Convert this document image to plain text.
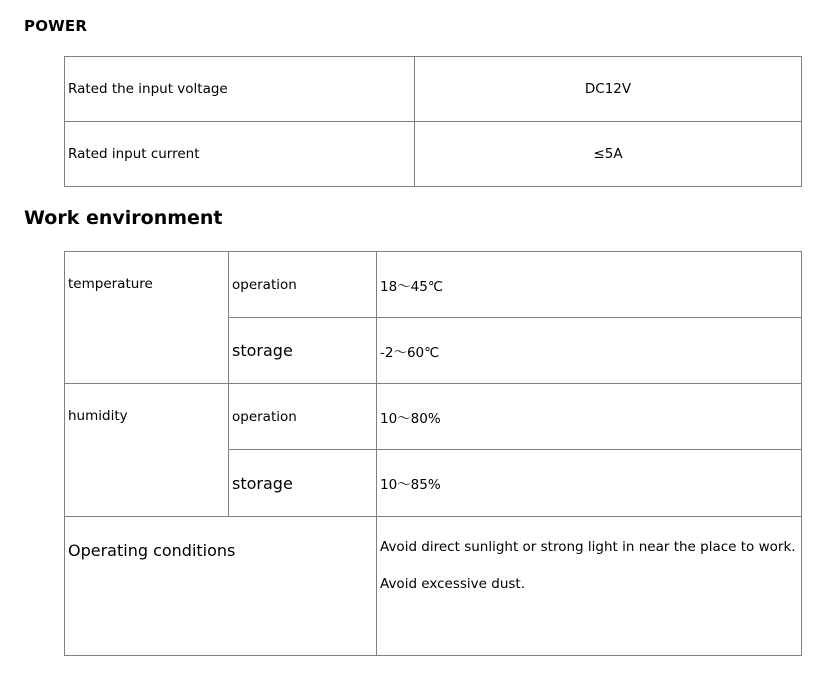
POWER
Rated the input voltage	DC12V
Rated input current	≤5A
Work environment
temperature	operation	18～45℃
	storage	-2～60℃
humidity	operation	10～80%
	storage	10～85%
Operating conditions		Avoid direct sunlight or strong light in near the place to work.

Avoid excessive dust.
